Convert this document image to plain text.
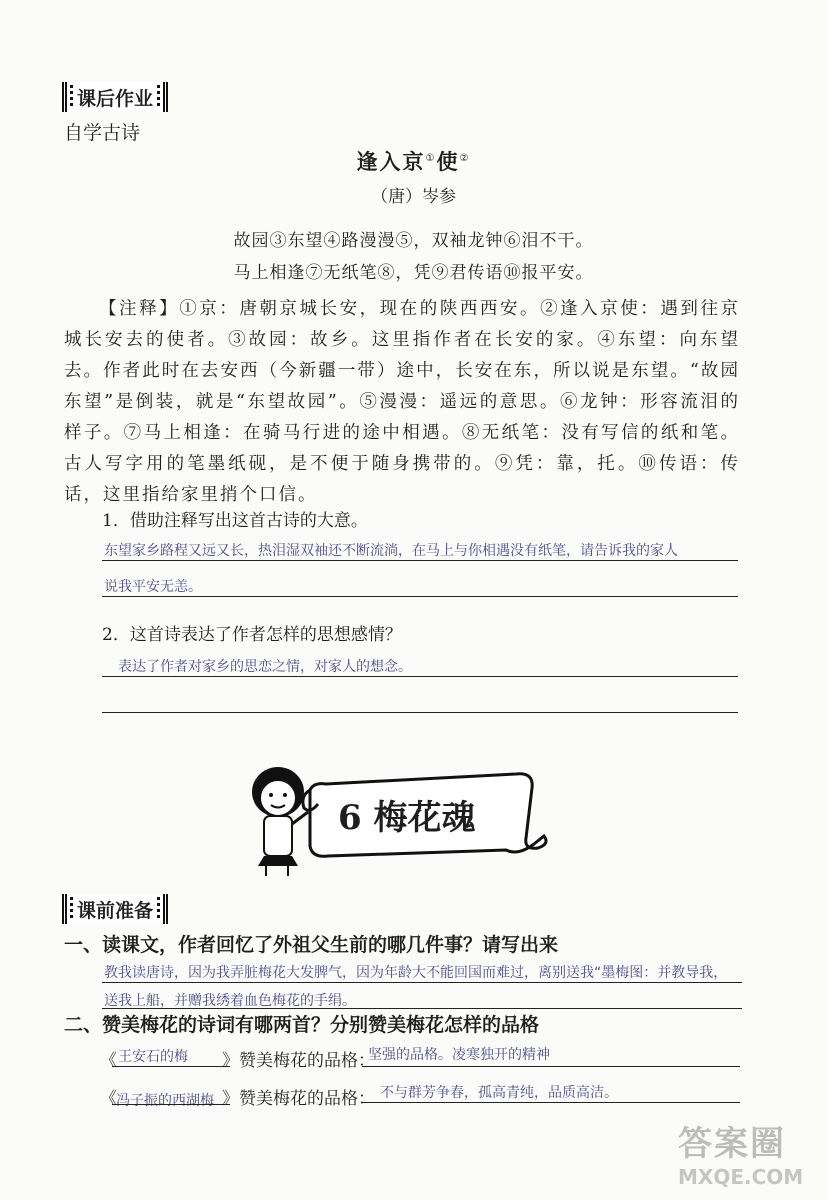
课后作业
自学古诗
逢入京①使②
（唐）岑参
故园③东望④路漫漫⑤，双袖龙钟⑥泪不干。
马上相逢⑦无纸笔⑧，凭⑨君传语⑩报平安。
【注释】①京：唐朝京城长安，现在的陕西西安。②逢入京使：遇到往京城长安去的使者。③故园：故乡。这里指作者在长安的家。④东望：向东望去。作者此时在去安西（今新疆一带）途中，长安在东，所以说是东望。“故园东望”是倒装，就是“东望故园”。⑤漫漫：遥远的意思。⑥龙钟：形容流泪的样子。⑦马上相逢：在骑马行进的途中相遇。⑧无纸笔：没有写信的纸和笔。古人写字用的笔墨纸砚，是不便于随身携带的。⑨凭：靠，托。⑩传语：传话，这里指给家里捎个口信。
1．借助注释写出这首古诗的大意。
东望家乡路程又远又长，热泪湿双袖还不断流淌，在马上与你相遇没有纸笔，请告诉我的家人
说我平安无恙。
2．这首诗表达了作者怎样的思想感情？
表达了作者对家乡的思恋之情，对家人的想念。
6 梅花魂
课前准备
一、读课文，作者回忆了外祖父生前的哪几件事？请写出来
教我读唐诗，因为我弄脏梅花大发脾气，因为年龄大不能回国而难过，离别送我“墨梅图：并教导我，
送我上船，并赠我绣着血色梅花的手绢。
二、赞美梅花的诗词有哪两首？分别赞美梅花怎样的品格
《 王安石的梅 》赞美梅花的品格：
坚强的品格。凌寒独开的精神
《 冯子振的西湖梅 》赞美梅花的品格： 不与群芳争春，孤高青纯，品质高洁。
答案圈
MXQE.COM
